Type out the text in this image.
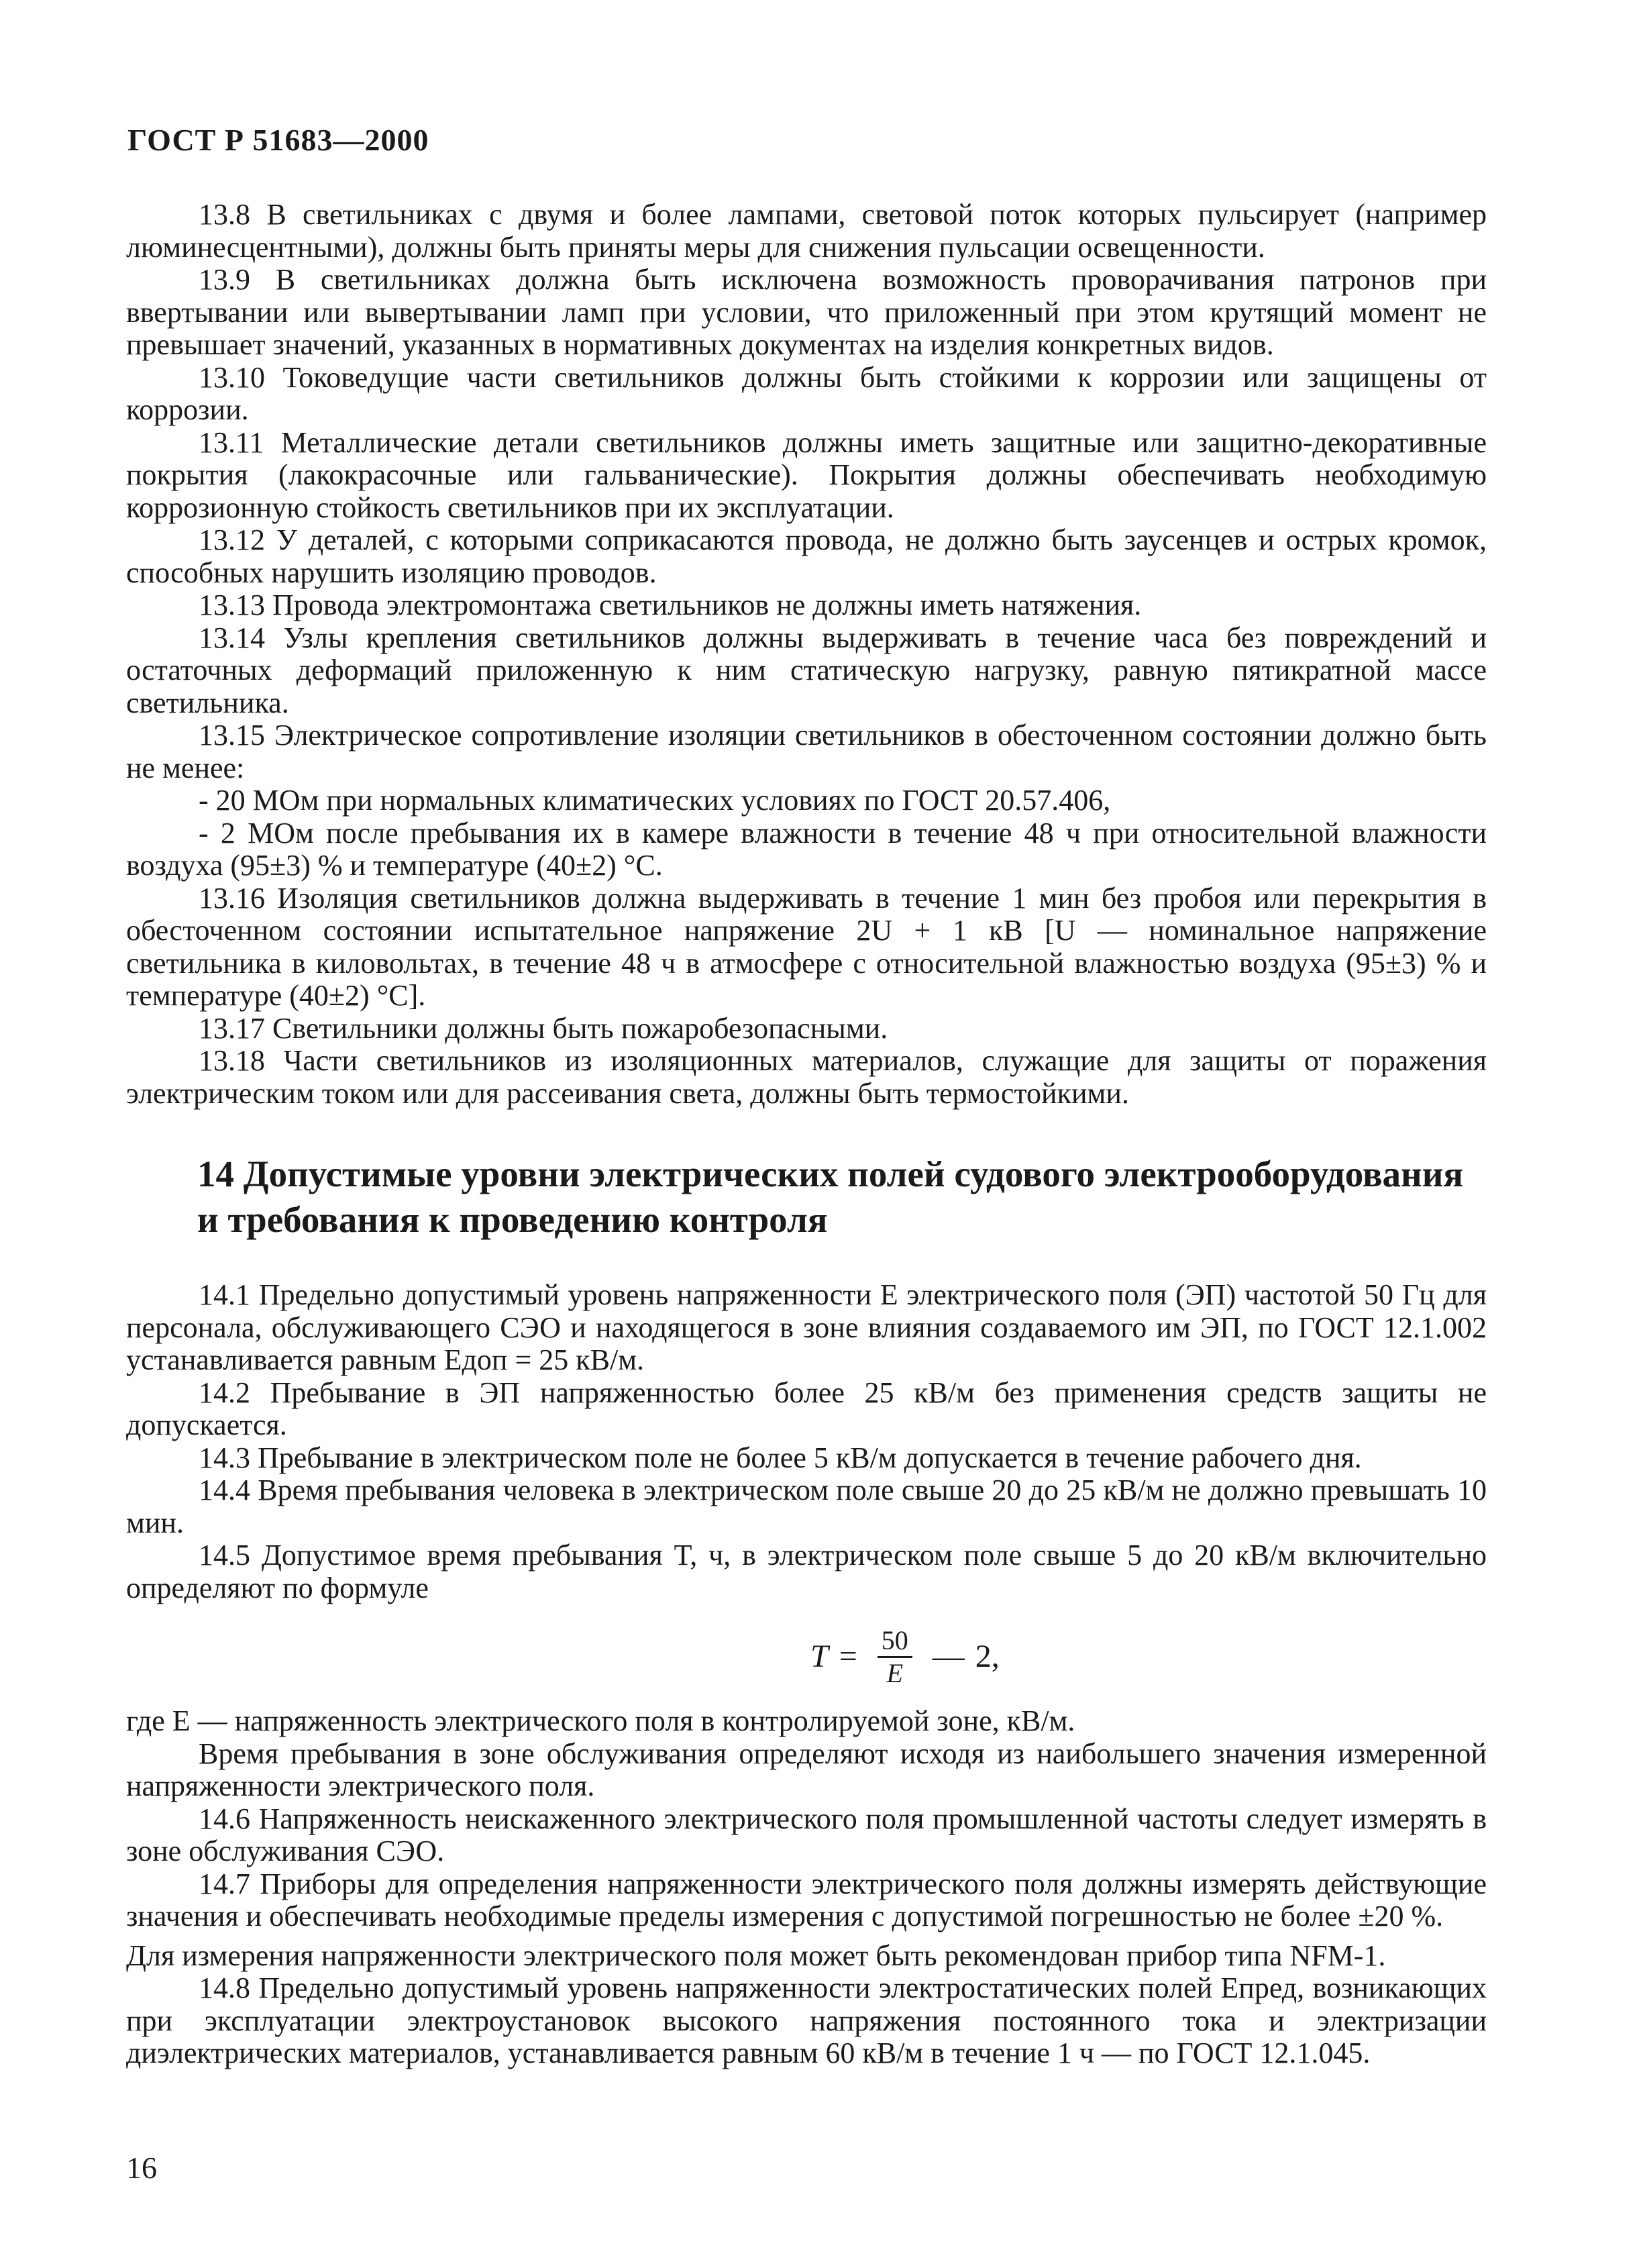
ГОСТ Р 51683—2000

13.8 В светильниках с двумя и более лампами, световой поток которых пульсирует (например люминесцентными), должны быть приняты меры для снижения пульсации освещенности.

13.9 В светильниках должна быть исключена возможность проворачивания патронов при ввертывании или вывертывании ламп при условии, что приложенный при этом крутящий момент не превышает значений, указанных в нормативных документах на изделия конкретных видов.

13.10 Токоведущие части светильников должны быть стойкими к коррозии или защищены от коррозии.

13.11 Металлические детали светильников должны иметь защитные или защитно-декоративные покрытия (лакокрасочные или гальванические). Покрытия должны обеспечивать необходимую коррозионную стойкость светильников при их эксплуатации.

13.12 У деталей, с которыми соприкасаются провода, не должно быть заусенцев и острых кромок, способных нарушить изоляцию проводов.

13.13 Провода электромонтажа светильников не должны иметь натяжения.

13.14 Узлы крепления светильников должны выдерживать в течение часа без повреждений и остаточных деформаций приложенную к ним статическую нагрузку, равную пятикратной массе светильника.

13.15 Электрическое сопротивление изоляции светильников в обесточенном состоянии должно быть не менее:

- 20 МОм при нормальных климатических условиях по ГОСТ 20.57.406,

- 2 МОм после пребывания их в камере влажности в течение 48 ч при относительной влажности воздуха (95±3) % и температуре (40±2) °С.

13.16 Изоляция светильников должна выдерживать в течение 1 мин без пробоя или перекрытия в обесточенном состоянии испытательное напряжение 2U + 1 кВ [U — номинальное напряжение светильника в киловольтах, в течение 48 ч в атмосфере с относительной влажностью воздуха (95±3) % и температуре (40±2) °С].

13.17 Светильники должны быть пожаробезопасными.

13.18 Части светильников из изоляционных материалов, служащие для защиты от поражения электрическим током или для рассеивания света, должны быть термостойкими.

14 Допустимые уровни электрических полей судового электрооборудования и требования к проведению контроля

14.1 Предельно допустимый уровень напряженности E электрического поля (ЭП) частотой 50 Гц для персонала, обслуживающего СЭО и находящегося в зоне влияния создаваемого им ЭП, по ГОСТ 12.1.002 устанавливается равным Eдоп = 25 кВ/м.

14.2 Пребывание в ЭП напряженностью более 25 кВ/м без применения средств защиты не допускается.

14.3 Пребывание в электрическом поле не более 5 кВ/м допускается в течение рабочего дня.

14.4 Время пребывания человека в электрическом поле свыше 20 до 25 кВ/м не должно превышать 10 мин.

14.5 Допустимое время пребывания T, ч, в электрическом поле свыше 5 до 20 кВ/м включительно определяют по формуле

$T = \frac{50}{E}$ — 2,

где E — напряженность электрического поля в контролируемой зоне, кВ/м.

Время пребывания в зоне обслуживания определяют исходя из наибольшего значения измеренной напряженности электрического поля.

14.6 Напряженность неискаженного электрического поля промышленной частоты следует измерять в зоне обслуживания СЭО.

14.7 Приборы для определения напряженности электрического поля должны измерять действующие значения и обеспечивать необходимые пределы измерения с допустимой погрешностью не более ±20 %.

Для измерения напряженности электрического поля может быть рекомендован прибор типа NFM-1.

14.8 Предельно допустимый уровень напряженности электростатических полей Eпред, возникающих при эксплуатации электроустановок высокого напряжения постоянного тока и электризации диэлектрических материалов, устанавливается равным 60 кВ/м в течение 1 ч — по ГОСТ 12.1.045.

16
